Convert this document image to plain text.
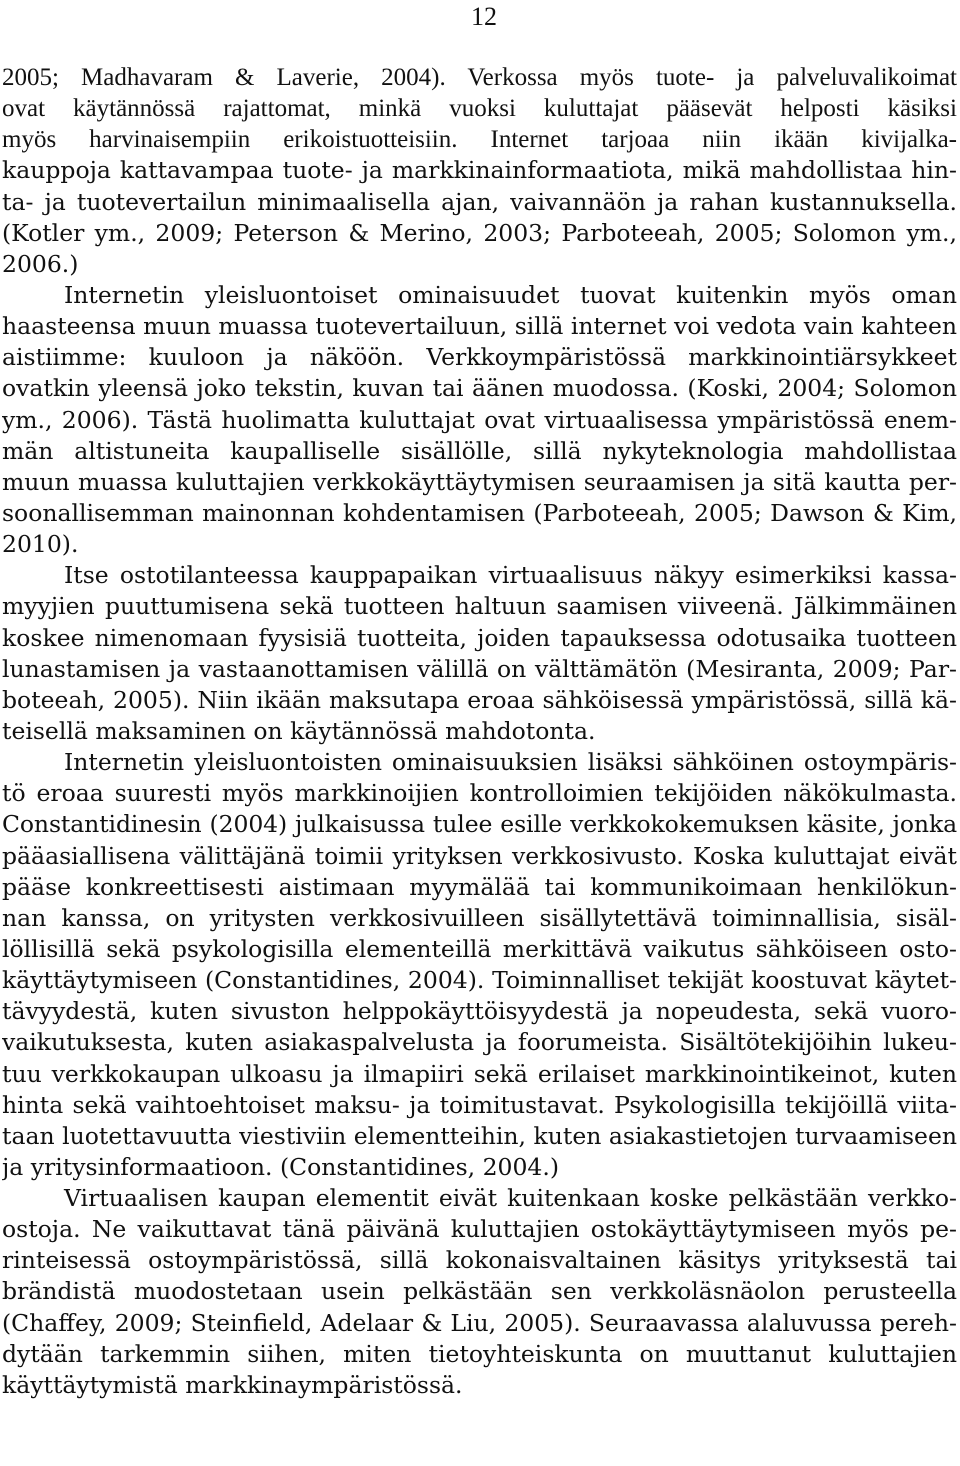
12
2005; Madhavaram & Laverie, 2004). Verkossa myös tuote- ja palveluvalikoimat
ovat käytännössä rajattomat, minkä vuoksi kuluttajat pääsevät helposti käsiksi
myös harvinaisempiin erikoistuotteisiin. Internet tarjoaa niin ikään kivijalka-
kauppoja kattavampaa tuote- ja markkinainformaatiota, mikä mahdollistaa hin-
ta- ja tuotevertailun minimaalisella ajan, vaivannäön ja rahan kustannuksella.
(Kotler ym., 2009; Peterson & Merino, 2003; Parboteeah, 2005; Solomon ym.,
2006.)
Internetin yleisluontoiset ominaisuudet tuovat kuitenkin myös oman
haasteensa muun muassa tuotevertailuun, sillä internet voi vedota vain kahteen
aistiimme: kuuloon ja näköön. Verkkoympäristössä markkinointiärsykkeet
ovatkin yleensä joko tekstin, kuvan tai äänen muodossa. (Koski, 2004; Solomon
ym., 2006). Tästä huolimatta kuluttajat ovat virtuaalisessa ympäristössä enem-
män altistuneita kaupalliselle sisällölle, sillä nykyteknologia mahdollistaa
muun muassa kuluttajien verkkokäyttäytymisen seuraamisen ja sitä kautta per-
soonallisemman mainonnan kohdentamisen (Parboteeah, 2005; Dawson & Kim,
2010).
Itse ostotilanteessa kauppapaikan virtuaalisuus näkyy esimerkiksi kassa-
myyjien puuttumisena sekä tuotteen haltuun saamisen viiveenä. Jälkimmäinen
koskee nimenomaan fyysisiä tuotteita, joiden tapauksessa odotusaika tuotteen
lunastamisen ja vastaanottamisen välillä on välttämätön (Mesiranta, 2009; Par-
boteeah, 2005). Niin ikään maksutapa eroaa sähköisessä ympäristössä, sillä kä-
teisellä maksaminen on käytännössä mahdotonta.
Internetin yleisluontoisten ominaisuuksien lisäksi sähköinen ostoympäris-
tö eroaa suuresti myös markkinoijien kontrolloimien tekijöiden näkökulmasta.
Constantidinesin (2004) julkaisussa tulee esille verkkokokemuksen käsite, jonka
pääasiallisena välittäjänä toimii yrityksen verkkosivusto. Koska kuluttajat eivät
pääse konkreettisesti aistimaan myymälää tai kommunikoimaan henkilökun-
nan kanssa, on yritysten verkkosivuilleen sisällytettävä toiminnallisia, sisäl-
löllisillä sekä psykologisilla elementeillä merkittävä vaikutus sähköiseen osto-
käyttäytymiseen (Constantidines, 2004). Toiminnalliset tekijät koostuvat käytet-
tävyydestä, kuten sivuston helppokäyttöisyydestä ja nopeudesta, sekä vuoro-
vaikutuksesta, kuten asiakaspalvelusta ja foorumeista. Sisältötekijöihin lukeu-
tuu verkkokaupan ulkoasu ja ilmapiiri sekä erilaiset markkinointikeinot, kuten
hinta sekä vaihtoehtoiset maksu- ja toimitustavat. Psykologisilla tekijöillä viita-
taan luotettavuutta viestiviin elementteihin, kuten asiakastietojen turvaamiseen
ja yritysinformaatioon. (Constantidines, 2004.)
Virtuaalisen kaupan elementit eivät kuitenkaan koske pelkästään verkko-
ostoja. Ne vaikuttavat tänä päivänä kuluttajien ostokäyttäytymiseen myös pe-
rinteisessä ostoympäristössä, sillä kokonaisvaltainen käsitys yrityksestä tai
brändistä muodostetaan usein pelkästään sen verkkoläsnäolon perusteella
(Chaffey, 2009; Steinfield, Adelaar & Liu, 2005). Seuraavassa alaluvussa pereh-
dytään tarkemmin siihen, miten tietoyhteiskunta on muuttanut kuluttajien
käyttäytymistä markkinaympäristössä.
